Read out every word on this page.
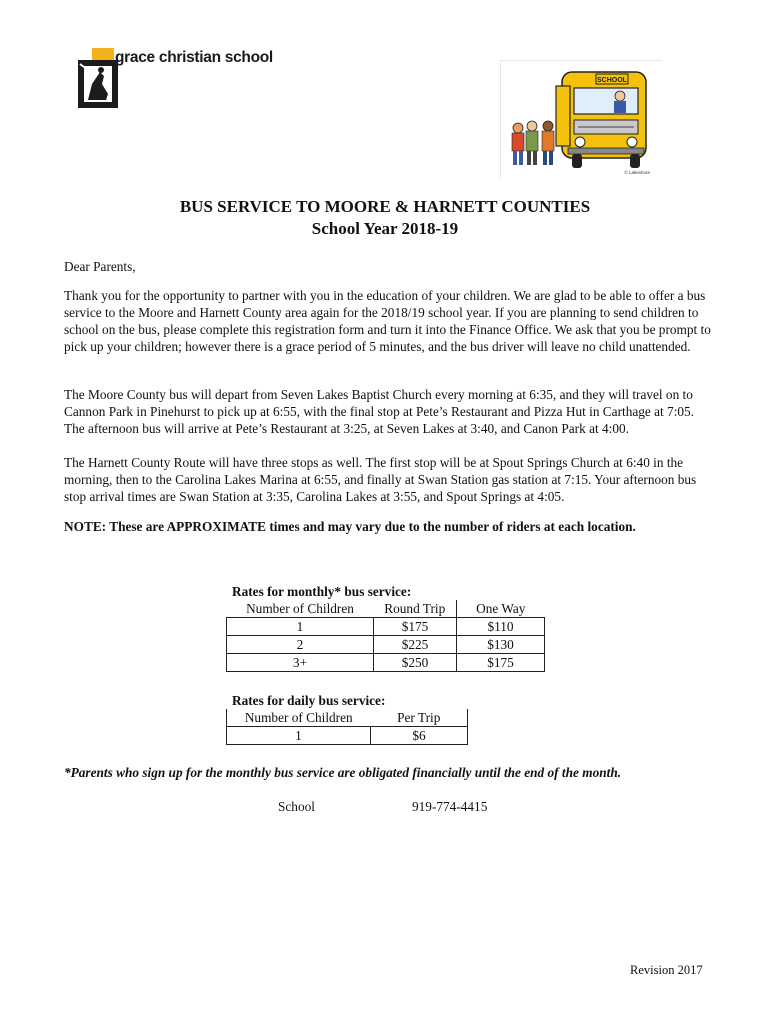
grace christian school
SCHOOL
© Lakeshore
BUS SERVICE TO MOORE & HARNETT COUNTIES
School Year 2018-19
Dear Parents,
Thank you for the opportunity to partner with you in the education of your children. We are glad to be able to offer a bus service to the Moore and Harnett County area again for the 2018/19 school year. If you are planning to send children to school on the bus, please complete this registration form and turn it into the Finance Office. We ask that you be prompt to pick up your children; however there is a grace period of 5 minutes, and the bus driver will leave no child unattended.
The Moore County bus will depart from Seven Lakes Baptist Church every morning at 6:35, and they will travel on to Cannon Park in Pinehurst to pick up at 6:55, with the final stop at Pete’s Restaurant and Pizza Hut in Carthage at 7:05. The afternoon bus will arrive at Pete’s Restaurant at 3:25, at Seven Lakes at 3:40, and Canon Park at 4:00.
The Harnett County Route will have three stops as well. The first stop will be at Spout Springs Church at 6:40 in the morning, then to the Carolina Lakes Marina at 6:55, and finally at Swan Station gas station at 7:15. Your afternoon bus stop arrival times are Swan Station at 3:35, Carolina Lakes at 3:55, and Spout Springs at 4:05.
NOTE: These are APPROXIMATE times and may vary due to the number of riders at each location.
Rates for monthly* bus service:
Number of Children	Round Trip	One Way
1	$175	$110
2	$225	$130
3+	$250	$175
Rates for daily bus service:
Number of Children	Per Trip
1	$6
*Parents who sign up for the monthly bus service are obligated financially until the end of the month.
School	919-774-4415
Revision 2017
